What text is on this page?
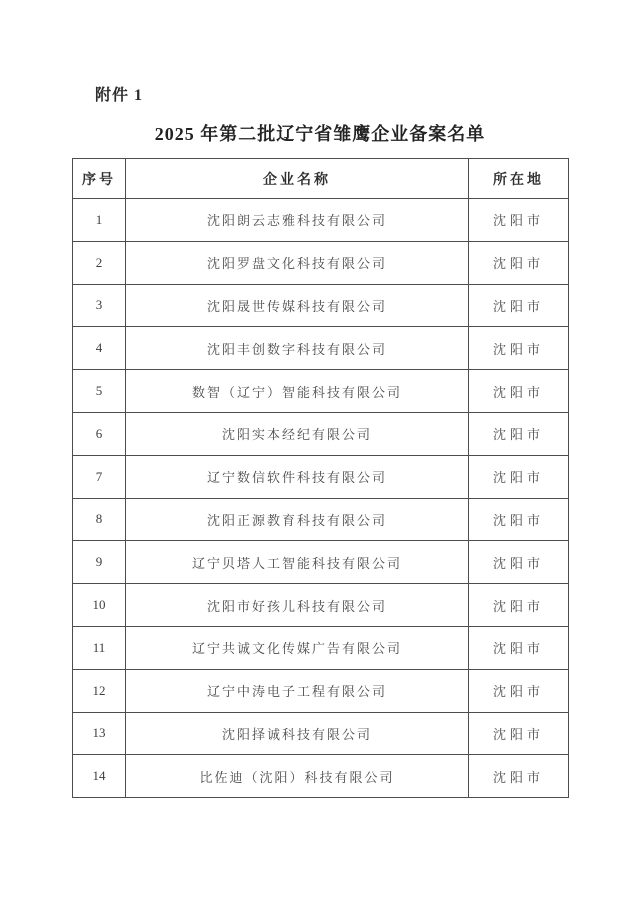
附件 1
2025 年第二批辽宁省雏鹰企业备案名单
序号	企业名称	所在地
1	沈阳朗云志雅科技有限公司	沈阳市
2	沈阳罗盘文化科技有限公司	沈阳市
3	沈阳晟世传媒科技有限公司	沈阳市
4	沈阳丰创数字科技有限公司	沈阳市
5	数智（辽宁）智能科技有限公司	沈阳市
6	沈阳实本经纪有限公司	沈阳市
7	辽宁数信软件科技有限公司	沈阳市
8	沈阳正源教育科技有限公司	沈阳市
9	辽宁贝塔人工智能科技有限公司	沈阳市
10	沈阳市好孩儿科技有限公司	沈阳市
11	辽宁共诚文化传媒广告有限公司	沈阳市
12	辽宁中涛电子工程有限公司	沈阳市
13	沈阳择诚科技有限公司	沈阳市
14	比佐迪（沈阳）科技有限公司	沈阳市
